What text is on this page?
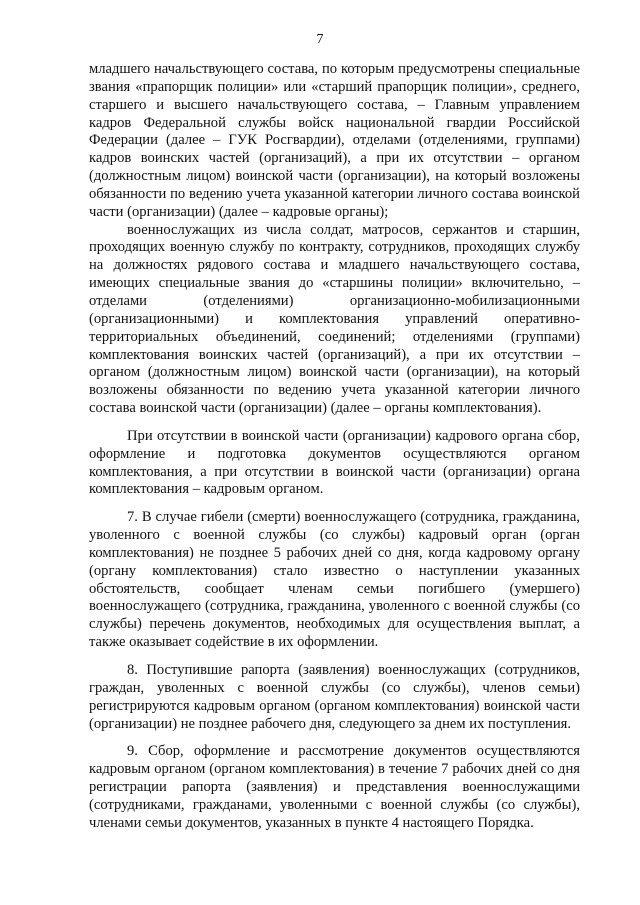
7

младшего начальствующего состава, по которым предусмотрены специальные звания «прапорщик полиции» или «старший прапорщик полиции», среднего, старшего и высшего начальствующего состава, – Главным управлением кадров Федеральной службы войск национальной гвардии Российской Федерации (далее – ГУК Росгвардии), отделами (отделениями, группами) кадров воинских частей (организаций), а при их отсутствии – органом (должностным лицом) воинской части (организации), на который возложены обязанности по ведению учета указанной категории личного состава воинской части (организации) (далее – кадровые органы);

военнослужащих из числа солдат, матросов, сержантов и старшин, проходящих военную службу по контракту, сотрудников, проходящих службу на должностях рядового состава и младшего начальствующего состава, имеющих специальные звания до «старшины полиции» включительно, – отделами (отделениями) организационно-мобилизационными (организационными) и комплектования управлений оперативно-территориальных объединений, соединений; отделениями (группами) комплектования воинских частей (организаций), а при их отсутствии – органом (должностным лицом) воинской части (организации), на который возложены обязанности по ведению учета указанной категории личного состава воинской части (организации) (далее – органы комплектования).

При отсутствии в воинской части (организации) кадрового органа сбор, оформление и подготовка документов осуществляются органом комплектования, а при отсутствии в воинской части (организации) органа комплектования – кадровым органом.

7. В случае гибели (смерти) военнослужащего (сотрудника, гражданина, уволенного с военной службы (со службы) кадровый орган (орган комплектования) не позднее 5 рабочих дней со дня, когда кадровому органу (органу комплектования) стало известно о наступлении указанных обстоятельств, сообщает членам семьи погибшего (умершего) военнослужащего (сотрудника, гражданина, уволенного с военной службы (со службы) перечень документов, необходимых для осуществления выплат, а также оказывает содействие в их оформлении.

8. Поступившие рапорта (заявления) военнослужащих (сотрудников, граждан, уволенных с военной службы (со службы), членов семьи) регистрируются кадровым органом (органом комплектования) воинской части (организации) не позднее рабочего дня, следующего за днем их поступления.

9. Сбор, оформление и рассмотрение документов осуществляются кадровым органом (органом комплектования) в течение 7 рабочих дней со дня регистрации рапорта (заявления) и представления военнослужащими (сотрудниками, гражданами, уволенными с военной службы (со службы), членами семьи документов, указанных в пункте 4 настоящего Порядка.
